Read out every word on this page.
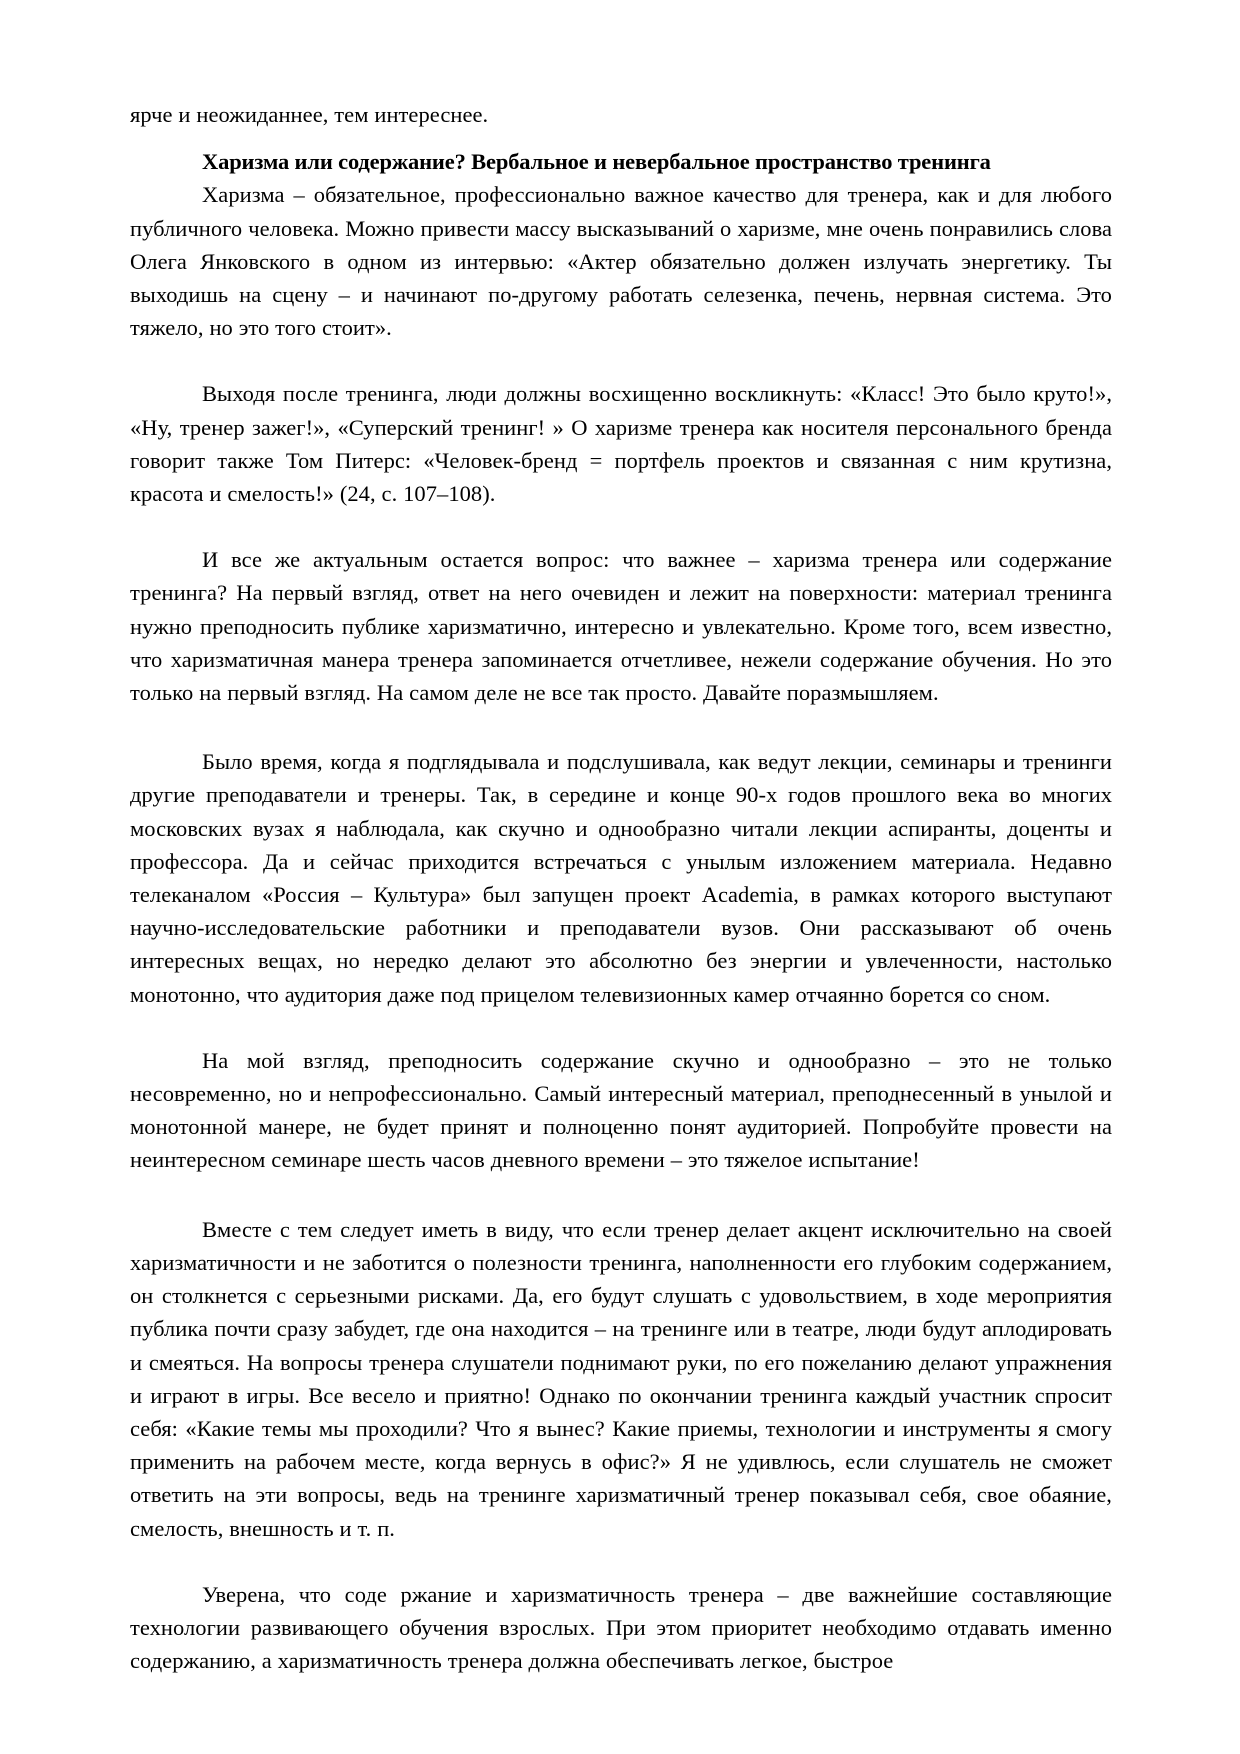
ярче и неожиданнее, тем интереснее.

Харизма или содержание? Вербальное и невербальное пространство тренинга

Харизма – обязательное, профессионально важное качество для тренера, как и для любого публичного человека. Можно привести массу высказываний о харизме, мне очень понравились слова Олега Янковского в одном из интервью: «Актер обязательно должен излучать энергетику. Ты выходишь на сцену – и начинают по-другому работать селезенка, печень, нервная система. Это тяжело, но это того стоит».

Выходя после тренинга, люди должны восхищенно воскликнуть: «Класс! Это было круто!», «Ну, тренер зажег!», «Суперский тренинг! » О харизме тренера как носителя персонального бренда говорит также Том Питерс: «Человек-бренд = портфель проектов и связанная с ним крутизна, красота и смелость!» (24, с. 107–108).

И все же актуальным остается вопрос: что важнее – харизма тренера или содержание тренинга? На первый взгляд, ответ на него очевиден и лежит на поверхности: материал тренинга нужно преподносить публике харизматично, интересно и увлекательно. Кроме того, всем известно, что харизматичная манера тренера запоминается отчетливее, нежели содержание обучения. Но это только на первый взгляд. На самом деле не все так просто. Давайте поразмышляем.

Было время, когда я подглядывала и подслушивала, как ведут лекции, семинары и тренинги другие преподаватели и тренеры. Так, в середине и конце 90-х годов прошлого века во многих московских вузах я наблюдала, как скучно и однообразно читали лекции аспиранты, доценты и профессора. Да и сейчас приходится встречаться с унылым изложением материала. Недавно телеканалом «Россия – Культура» был запущен проект Academia, в рамках которого выступают научно-исследовательские работники и преподаватели вузов. Они рассказывают об очень интересных вещах, но нередко делают это абсолютно без энергии и увлеченности, настолько монотонно, что аудитория даже под прицелом телевизионных камер отчаянно борется со сном.

На мой взгляд, преподносить содержание скучно и однообразно – это не только несовременно, но и непрофессионально. Самый интересный материал, преподнесенный в унылой и монотонной манере, не будет принят и полноценно понят аудиторией. Попробуйте провести на неинтересном семинаре шесть часов дневного времени – это тяжелое испытание!

Вместе с тем следует иметь в виду, что если тренер делает акцент исключительно на своей харизматичности и не заботится о полезности тренинга, наполненности его глубоким содержанием, он столкнется с серьезными рисками. Да, его будут слушать с удовольствием, в ходе мероприятия публика почти сразу забудет, где она находится – на тренинге или в театре, люди будут аплодировать и смеяться. На вопросы тренера слушатели поднимают руки, по его пожеланию делают упражнения и играют в игры. Все весело и приятно! Однако по окончании тренинга каждый участник спросит себя: «Какие темы мы проходили? Что я вынес? Какие приемы, технологии и инструменты я смогу применить на рабочем месте, когда вернусь в офис?» Я не удивлюсь, если слушатель не сможет ответить на эти вопросы, ведь на тренинге харизматичный тренер показывал себя, свое обаяние, смелость, внешность и т. п.

Уверена, что соде ржание и харизматичность тренера – две важнейшие составляющие технологии развивающего обучения взрослых. При этом приоритет необходимо отдавать именно содержанию, а харизматичность тренера должна обеспечивать легкое, быстрое
